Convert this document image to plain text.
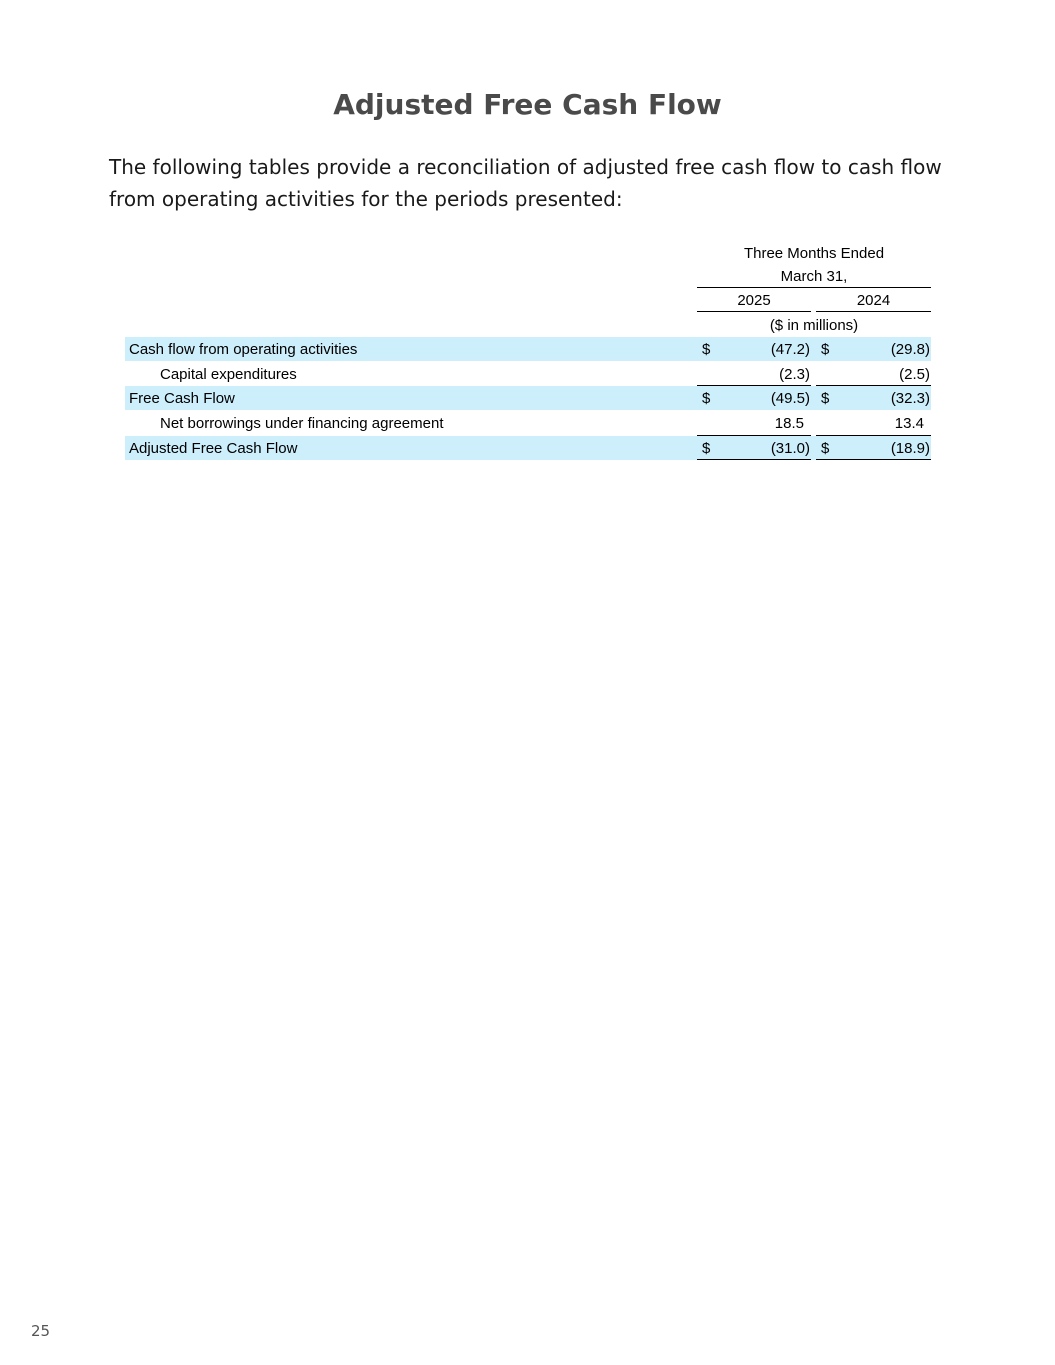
Adjusted Free Cash Flow
The following tables provide a reconciliation of adjusted free cash flow to cash flow from operating activities for the periods presented:
Three Months Ended
March 31,
2025	2024
($ in millions)
Cash flow from operating activities	$	(47.2) $	(29.8)
Capital expenditures	(2.3)	(2.5)
Free Cash Flow	$	(49.5) $	(32.3)
Net borrowings under financing agreement	18.5	13.4
Adjusted Free Cash Flow	$	(31.0) $	(18.9)
25
